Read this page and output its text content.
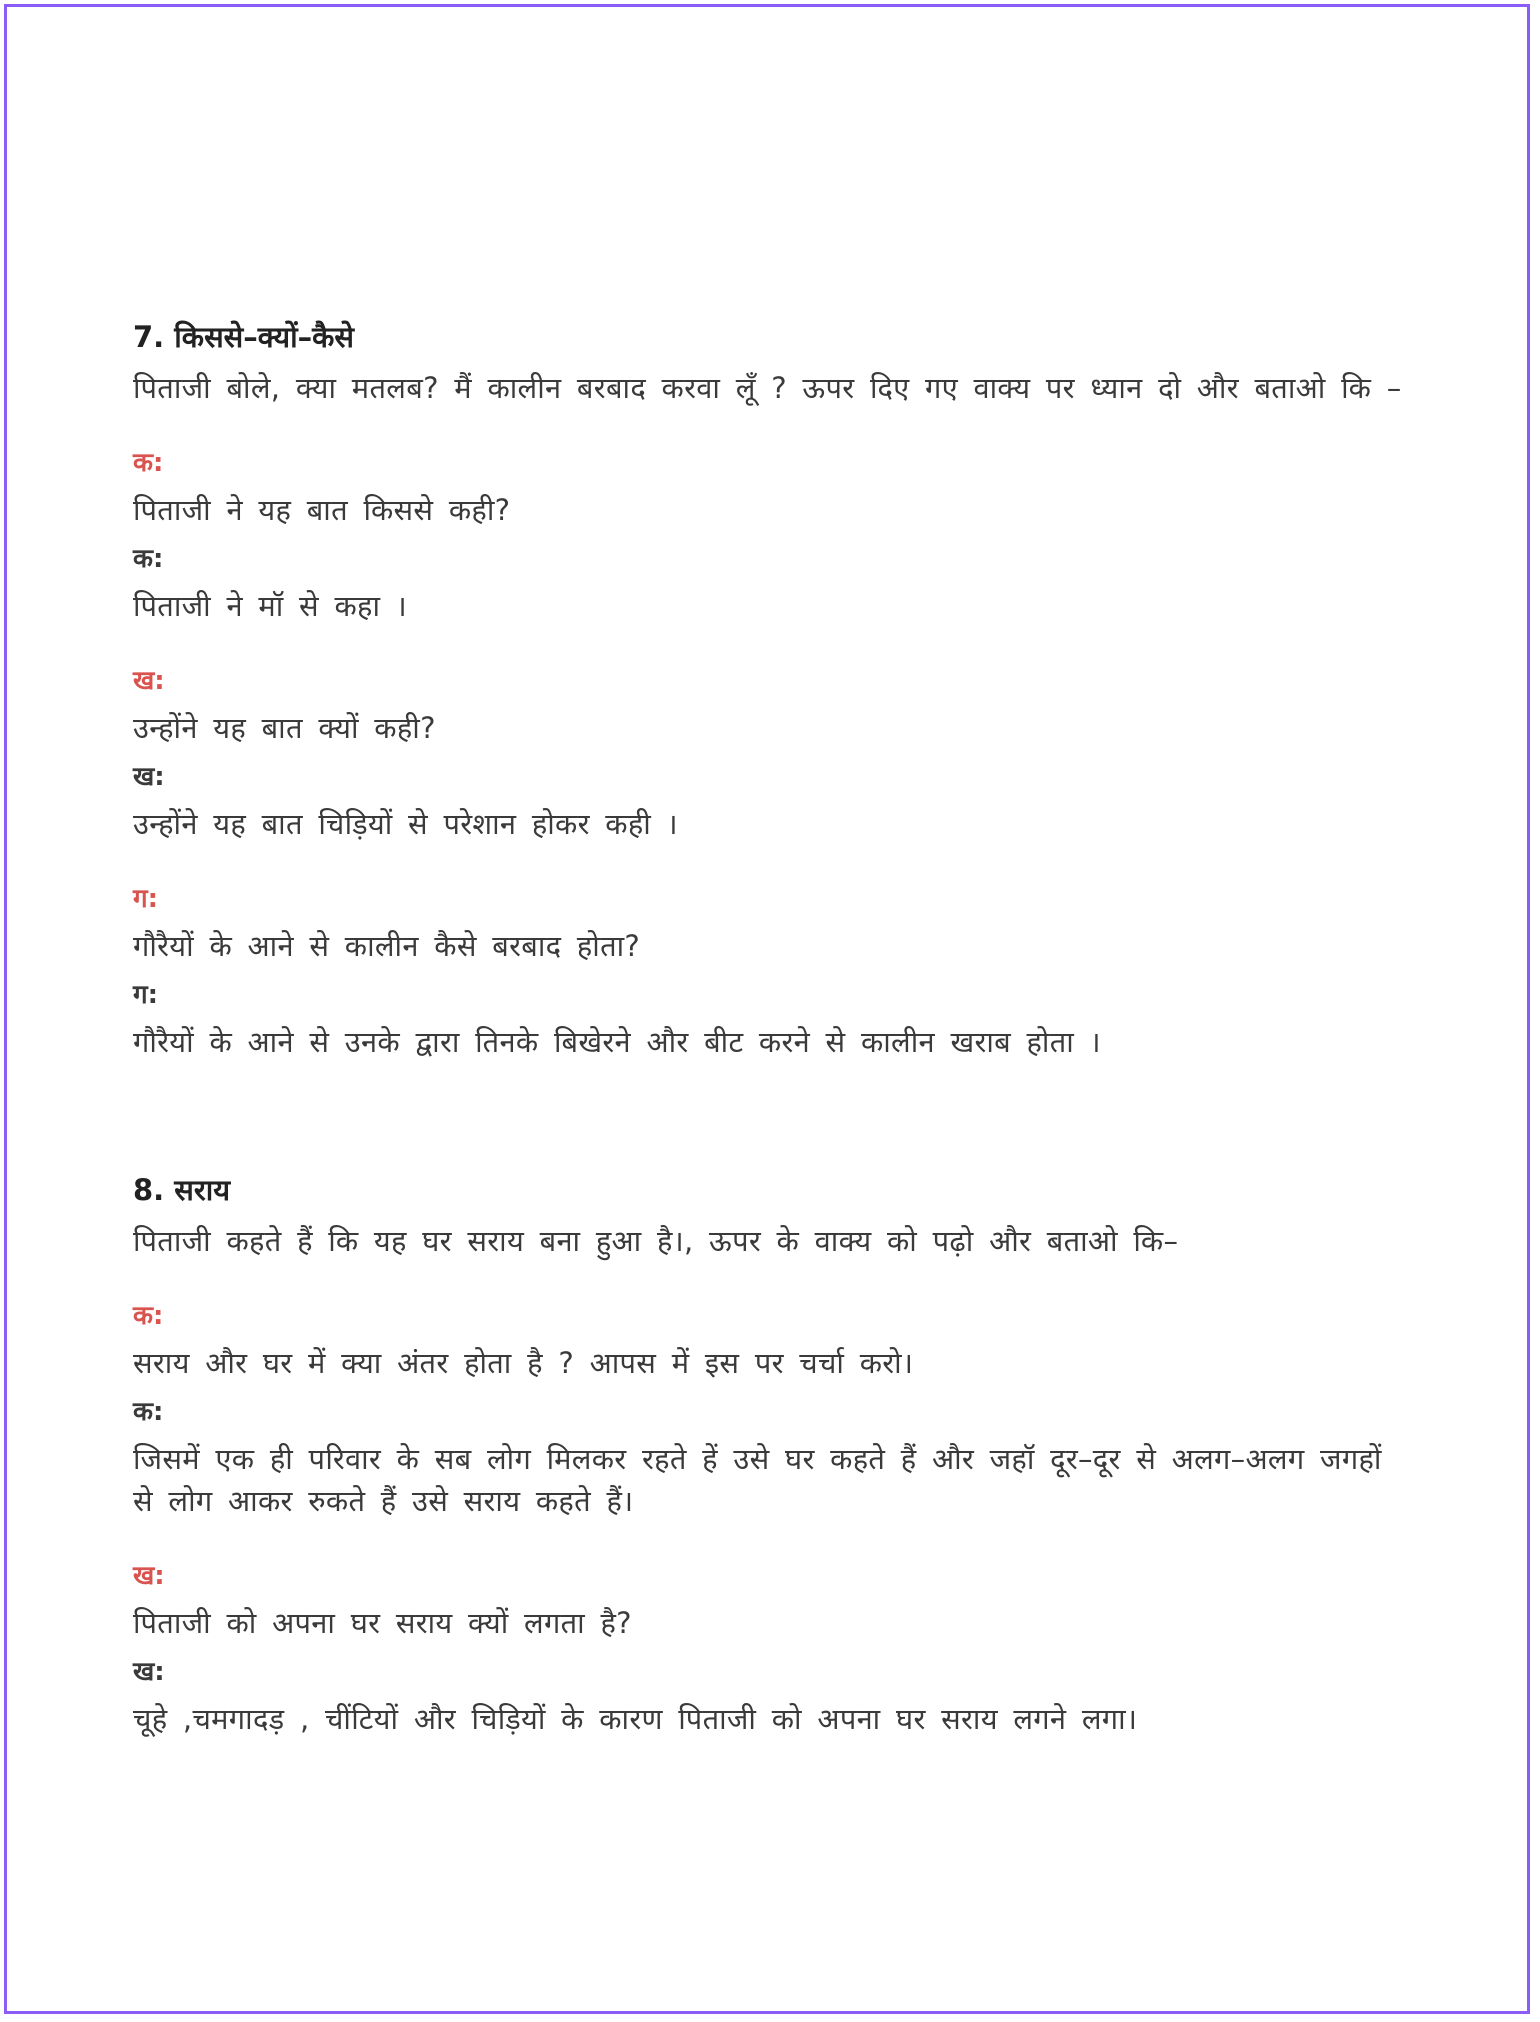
7. किससे–क्यों–कैसे

पिताजी बोले, क्या मतलब? मैं कालीन बरबाद करवा लूँ ? ऊपर दिए गए वाक्य पर ध्यान दो और बताओ कि –

क:

पिताजी ने यह बात किससे कही?

क:

पिताजी ने मॉ से कहा ।

ख:

उन्होंने यह बात क्यों कही?

ख:

उन्होंने यह बात चिड़ियों से परेशान होकर कही ।

ग:

गौरैयों के आने से कालीन कैसे बरबाद होता?

ग:

गौरैयों के आने से उनके द्वारा तिनके बिखेरने और बीट करने से कालीन खराब होता ।

8. सराय

पिताजी कहते हैं कि यह घर सराय बना हुआ है।, ऊपर के वाक्य को पढ़ो और बताओ कि–

क:

सराय और घर में क्या अंतर होता है ? आपस में इस पर चर्चा करो।

क:

जिसमें एक ही परिवार के सब लोग मिलकर रहते हें उसे घर कहते हैं और जहॉ दूर–दूर से अलग–अलग जगहों से लोग आकर रुकते हैं उसे सराय कहते हैं।

ख:

पिताजी को अपना घर सराय क्यों लगता है?

ख:

चूहे ,चमगादड़ , चींटियों और चिड़ियों के कारण पिताजी को अपना घर सराय लगने लगा।
